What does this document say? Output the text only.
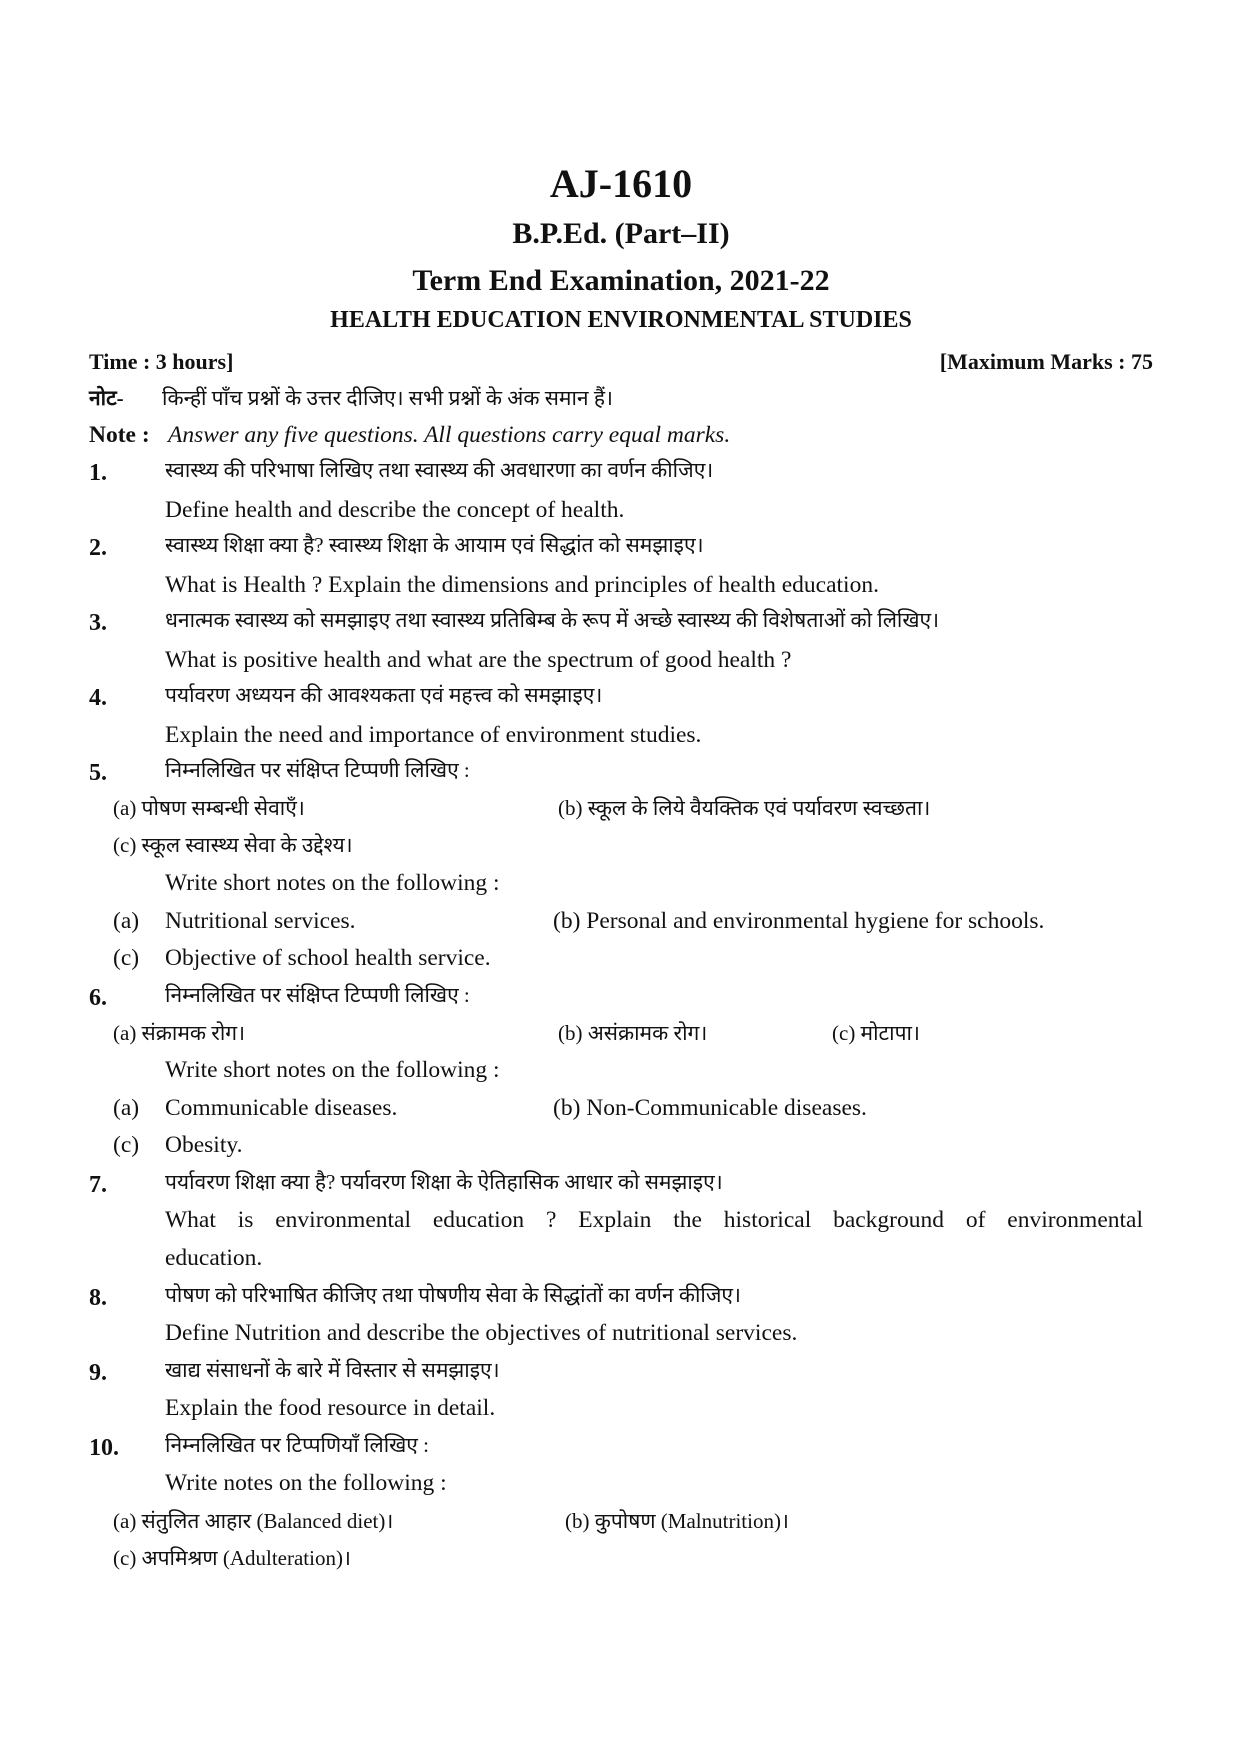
AJ-1610
B.P.Ed. (Part–II)
Term End Examination, 2021-22
HEALTH EDUCATION ENVIRONMENTAL STUDIES
Time : 3 hours]	[Maximum Marks : 75
नोट- किन्हीं पाँच प्रश्नों के उत्तर दीजिए। सभी प्रश्नों के अंक समान हैं।
Note : Answer any five questions. All questions carry equal marks.
1.	स्वास्थ्य की परिभाषा लिखिए तथा स्वास्थ्य की अवधारणा का वर्णन कीजिए।
Define health and describe the concept of health.
2.	स्वास्थ्य शिक्षा क्या है? स्वास्थ्य शिक्षा के आयाम एवं सिद्धांत को समझाइए।
What is Health ? Explain the dimensions and principles of health education.
3.	धनात्मक स्वास्थ्य को समझाइए तथा स्वास्थ्य प्रतिबिम्ब के रूप में अच्छे स्वास्थ्य की विशेषताओं को लिखिए।
What is positive health and what are the spectrum of good health ?
4.	पर्यावरण अध्ययन की आवश्यकता एवं महत्त्व को समझाइए।
Explain the need and importance of environment studies.
5.	निम्नलिखित पर संक्षिप्त टिप्पणी लिखिए :
(a) पोषण सम्बन्धी सेवाएँ।	(b) स्कूल के लिये वैयक्तिक एवं पर्यावरण स्वच्छता।
(c) स्कूल स्वास्थ्य सेवा के उद्देश्य।
Write short notes on the following :
(a) Nutritional services.	(b) Personal and environmental hygiene for schools.
(c) Objective of school health service.
6.	निम्नलिखित पर संक्षिप्त टिप्पणी लिखिए :
(a) संक्रामक रोग।	(b) असंक्रामक रोग।	(c) मोटापा।
Write short notes on the following :
(a) Communicable diseases.	(b) Non-Communicable diseases.
(c) Obesity.
7.	पर्यावरण शिक्षा क्या है? पर्यावरण शिक्षा के ऐतिहासिक आधार को समझाइए।
What is environmental education ? Explain the historical background of environmental
education.
8.	पोषण को परिभाषित कीजिए तथा पोषणीय सेवा के सिद्धांतों का वर्णन कीजिए।
Define Nutrition and describe the objectives of nutritional services.
9.	खाद्य संसाधनों के बारे में विस्तार से समझाइए।
Explain the food resource in detail.
10. निम्नलिखित पर टिप्पणियाँ लिखिए :
Write notes on the following :
(a) संतुलित आहार (Balanced diet)।	(b) कुपोषण (Malnutrition)।
(c) अपमिश्रण (Adulteration)।
